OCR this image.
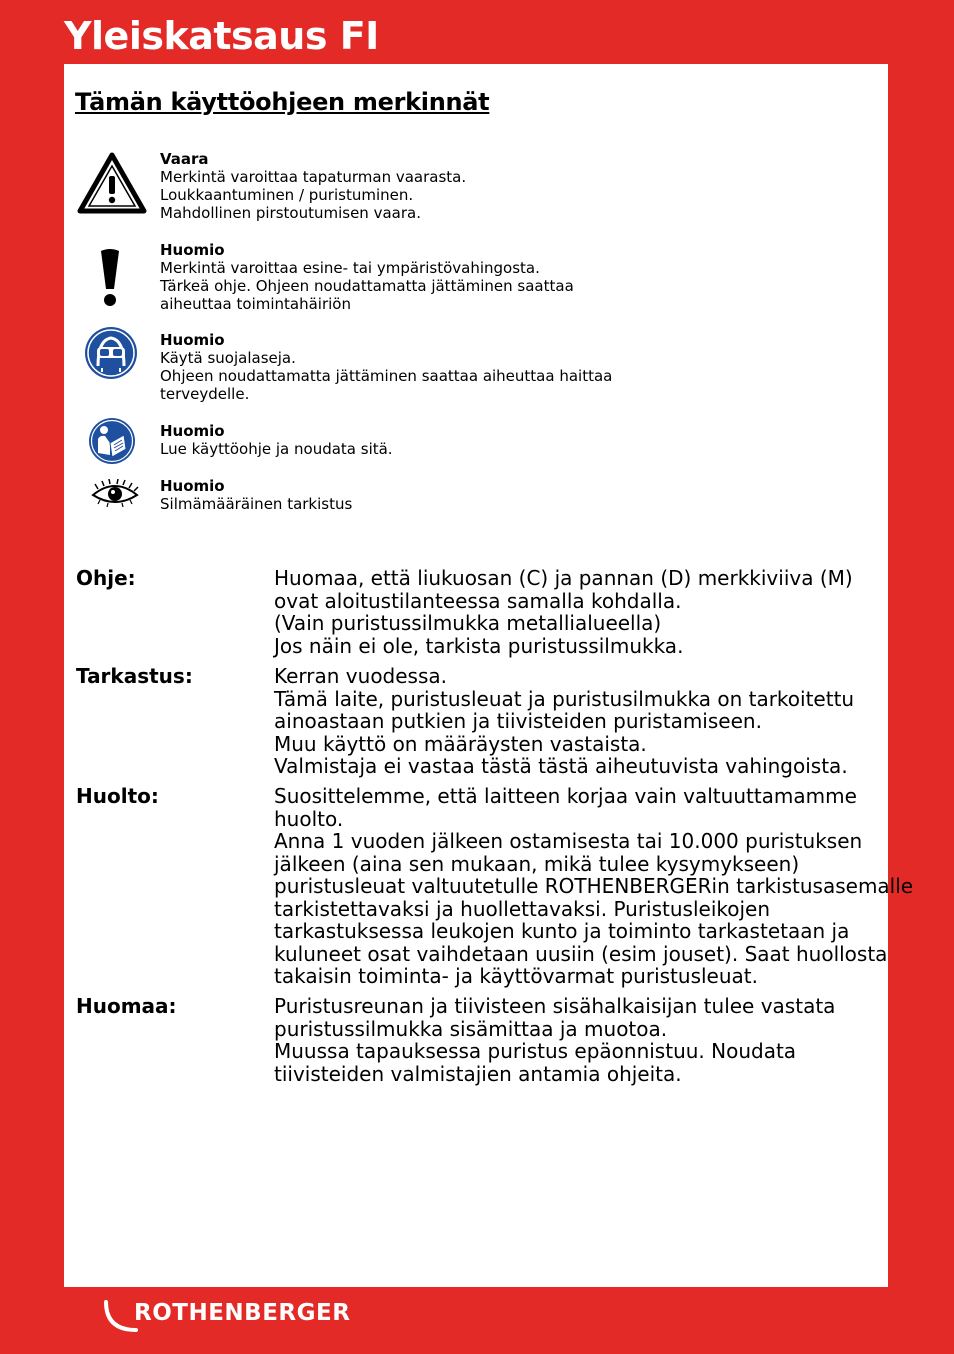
Yleiskatsaus FI
Tämän käyttöohjeen merkinnät
Vaara
Merkintä varoittaa tapaturman vaarasta.
Loukkaantuminen / puristuminen.
Mahdollinen pirstoutumisen vaara.
Huomio
Merkintä varoittaa esine- tai ympäristövahingosta.
Tärkeä ohje. Ohjeen noudattamatta jättäminen saattaa
aiheuttaa toimintahäiriön
Huomio
Käytä suojalaseja.
Ohjeen noudattamatta jättäminen saattaa aiheuttaa haittaa
terveydelle.
Huomio
Lue käyttöohje ja noudata sitä.
Huomio
Silmämääräinen tarkistus
Ohje:	Huomaa, että liukuosan (C) ja pannan (D) merkkiviiva (M)
ovat aloitustilanteessa samalla kohdalla.
(Vain puristussilmukka metallialueella)
Jos näin ei ole, tarkista puristussilmukka.
Tarkastus:	Kerran vuodessa.
Tämä laite, puristusleuat ja puristusilmukka on tarkoitettu
ainoastaan putkien ja tiivisteiden puristamiseen.
Muu käyttö on määräysten vastaista.
Valmistaja ei vastaa tästä tästä aiheutuvista vahingoista.
Huolto:	Suosittelemme, että laitteen korjaa vain valtuuttamamme
huolto.
Anna 1 vuoden jälkeen ostamisesta tai 10.000 puristuksen
jälkeen (aina sen mukaan, mikä tulee kysymykseen)
puristusleuat valtuutetulle ROTHENBERGERin tarkistusasemalle
tarkistettavaksi ja huollettavaksi. Puristusleikojen
tarkastuksessa leukojen kunto ja toiminto tarkastetaan ja
kuluneet osat vaihdetaan uusiin (esim jouset). Saat huollosta
takaisin toiminta- ja käyttövarmat puristusleuat.
Huomaa:	Puristusreunan ja tiivisteen sisähalkaisijan tulee vastata
puristussilmukka sisämittaa ja muotoa.
Muussa tapauksessa puristus epäonnistuu. Noudata
tiivisteiden valmistajien antamia ohjeita.
ROTHENBERGER
